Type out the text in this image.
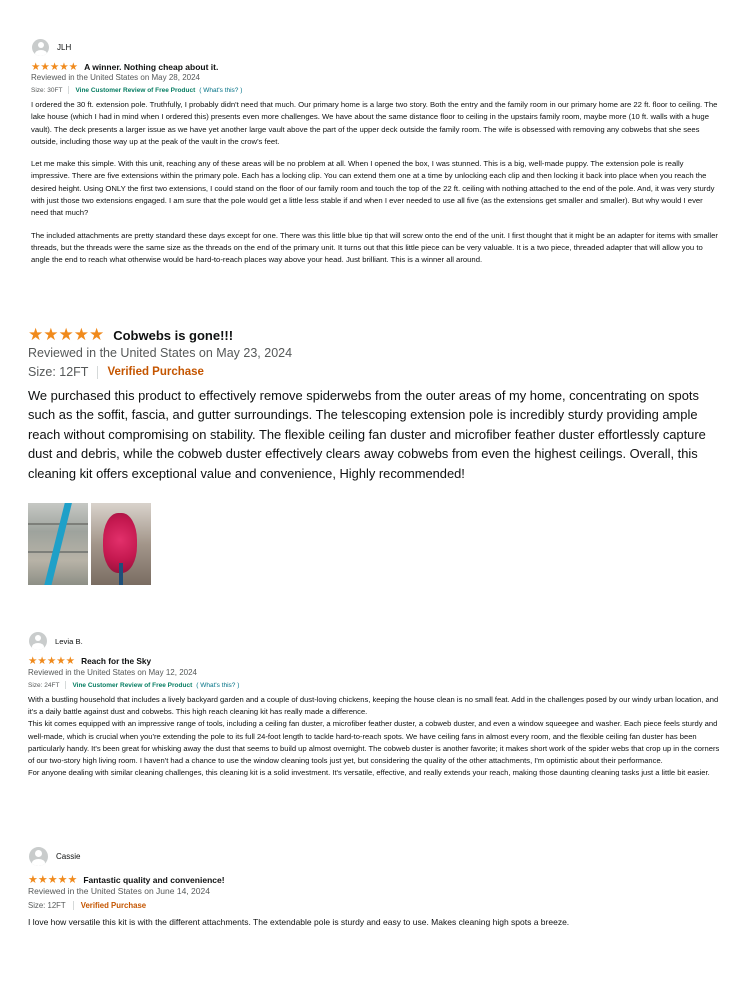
JLH
★★★★★ A winner. Nothing cheap about it.
Reviewed in the United States on May 28, 2024
Size: 30FT Vine Customer Review of Free Product ( What's this? )

I ordered the 30 ft. extension pole. Truthfully, I probably didn't need that much. Our primary home is a large two story. Both the entry and the family room in our primary home are 22 ft. floor to ceiling. The lake house (which I had in mind when I ordered this) presents even more challenges. We have about the same distance floor to ceiling in the upstairs family room, maybe more (10 ft. walls with a huge vault). The deck presents a larger issue as we have yet another large vault above the part of the upper deck outside the family room. The wife is obsessed with removing any cobwebs that she sees outside, including those way up at the peak of the vault in the crow's feet.

Let me make this simple. With this unit, reaching any of these areas will be no problem at all. When I opened the box, I was stunned. This is a big, well-made puppy. The extension pole is really impressive. There are five extensions within the primary pole. Each has a locking clip. You can extend them one at a time by unlocking each clip and then locking it back into place when you reach the desired height. Using ONLY the first two extensions, I could stand on the floor of our family room and touch the top of the 22 ft. ceiling with nothing attached to the end of the pole. And, it was very sturdy with just those two extensions engaged. I am sure that the pole would get a little less stable if and when I ever needed to use all five (as the extensions get smaller and smaller). But why would I ever need that much?

The included attachments are pretty standard these days except for one. There was this little blue tip that will screw onto the end of the unit. I first thought that it might be an adapter for items with smaller threads, but the threads were the same size as the threads on the end of the primary unit. It turns out that this little piece can be very valuable. It is a two piece, threaded adapter that will allow you to angle the end to reach what otherwise would be hard-to-reach places way above your head. Just brilliant. This is a winner all around.

★★★★★ Cobwebs is gone!!!
Reviewed in the United States on May 23, 2024
Size: 12FT Verified Purchase

We purchased this product to effectively remove spiderwebs from the outer areas of my home, concentrating on spots such as the soffit, fascia, and gutter surroundings. The telescoping extension pole is incredibly sturdy providing ample reach without compromising on stability. The flexible ceiling fan duster and microfiber feather duster effortlessly capture dust and debris, while the cobweb duster effectively clears away cobwebs from even the highest ceilings. Overall, this cleaning kit offers exceptional value and convenience, Highly recommended!

Levia B.
★★★★★ Reach for the Sky
Reviewed in the United States on May 12, 2024
Size: 24FT Vine Customer Review of Free Product ( What's this? )

With a bustling household that includes a lively backyard garden and a couple of dust-loving chickens, keeping the house clean is no small feat. Add in the challenges posed by our windy urban location, and it's a daily battle against dust and cobwebs. This high reach cleaning kit has really made a difference.

This kit comes equipped with an impressive range of tools, including a ceiling fan duster, a microfiber feather duster, a cobweb duster, and even a window squeegee and washer. Each piece feels sturdy and well-made, which is crucial when you're extending the pole to its full 24-foot length to tackle hard-to-reach spots. We have ceiling fans in almost every room, and the flexible ceiling fan duster has been particularly handy. It's been great for whisking away the dust that seems to build up almost overnight. The cobweb duster is another favorite; it makes short work of the spider webs that crop up in the corners of our two-story high living room. I haven't had a chance to use the window cleaning tools just yet, but considering the quality of the other attachments, I'm optimistic about their performance.

For anyone dealing with similar cleaning challenges, this cleaning kit is a solid investment. It's versatile, effective, and really extends your reach, making those daunting cleaning tasks just a little bit easier.

Cassie
★★★★★ Fantastic quality and convenience!
Reviewed in the United States on June 14, 2024
Size: 12FT Verified Purchase

I love how versatile this kit is with the different attachments. The extendable pole is sturdy and easy to use. Makes cleaning high spots a breeze.
